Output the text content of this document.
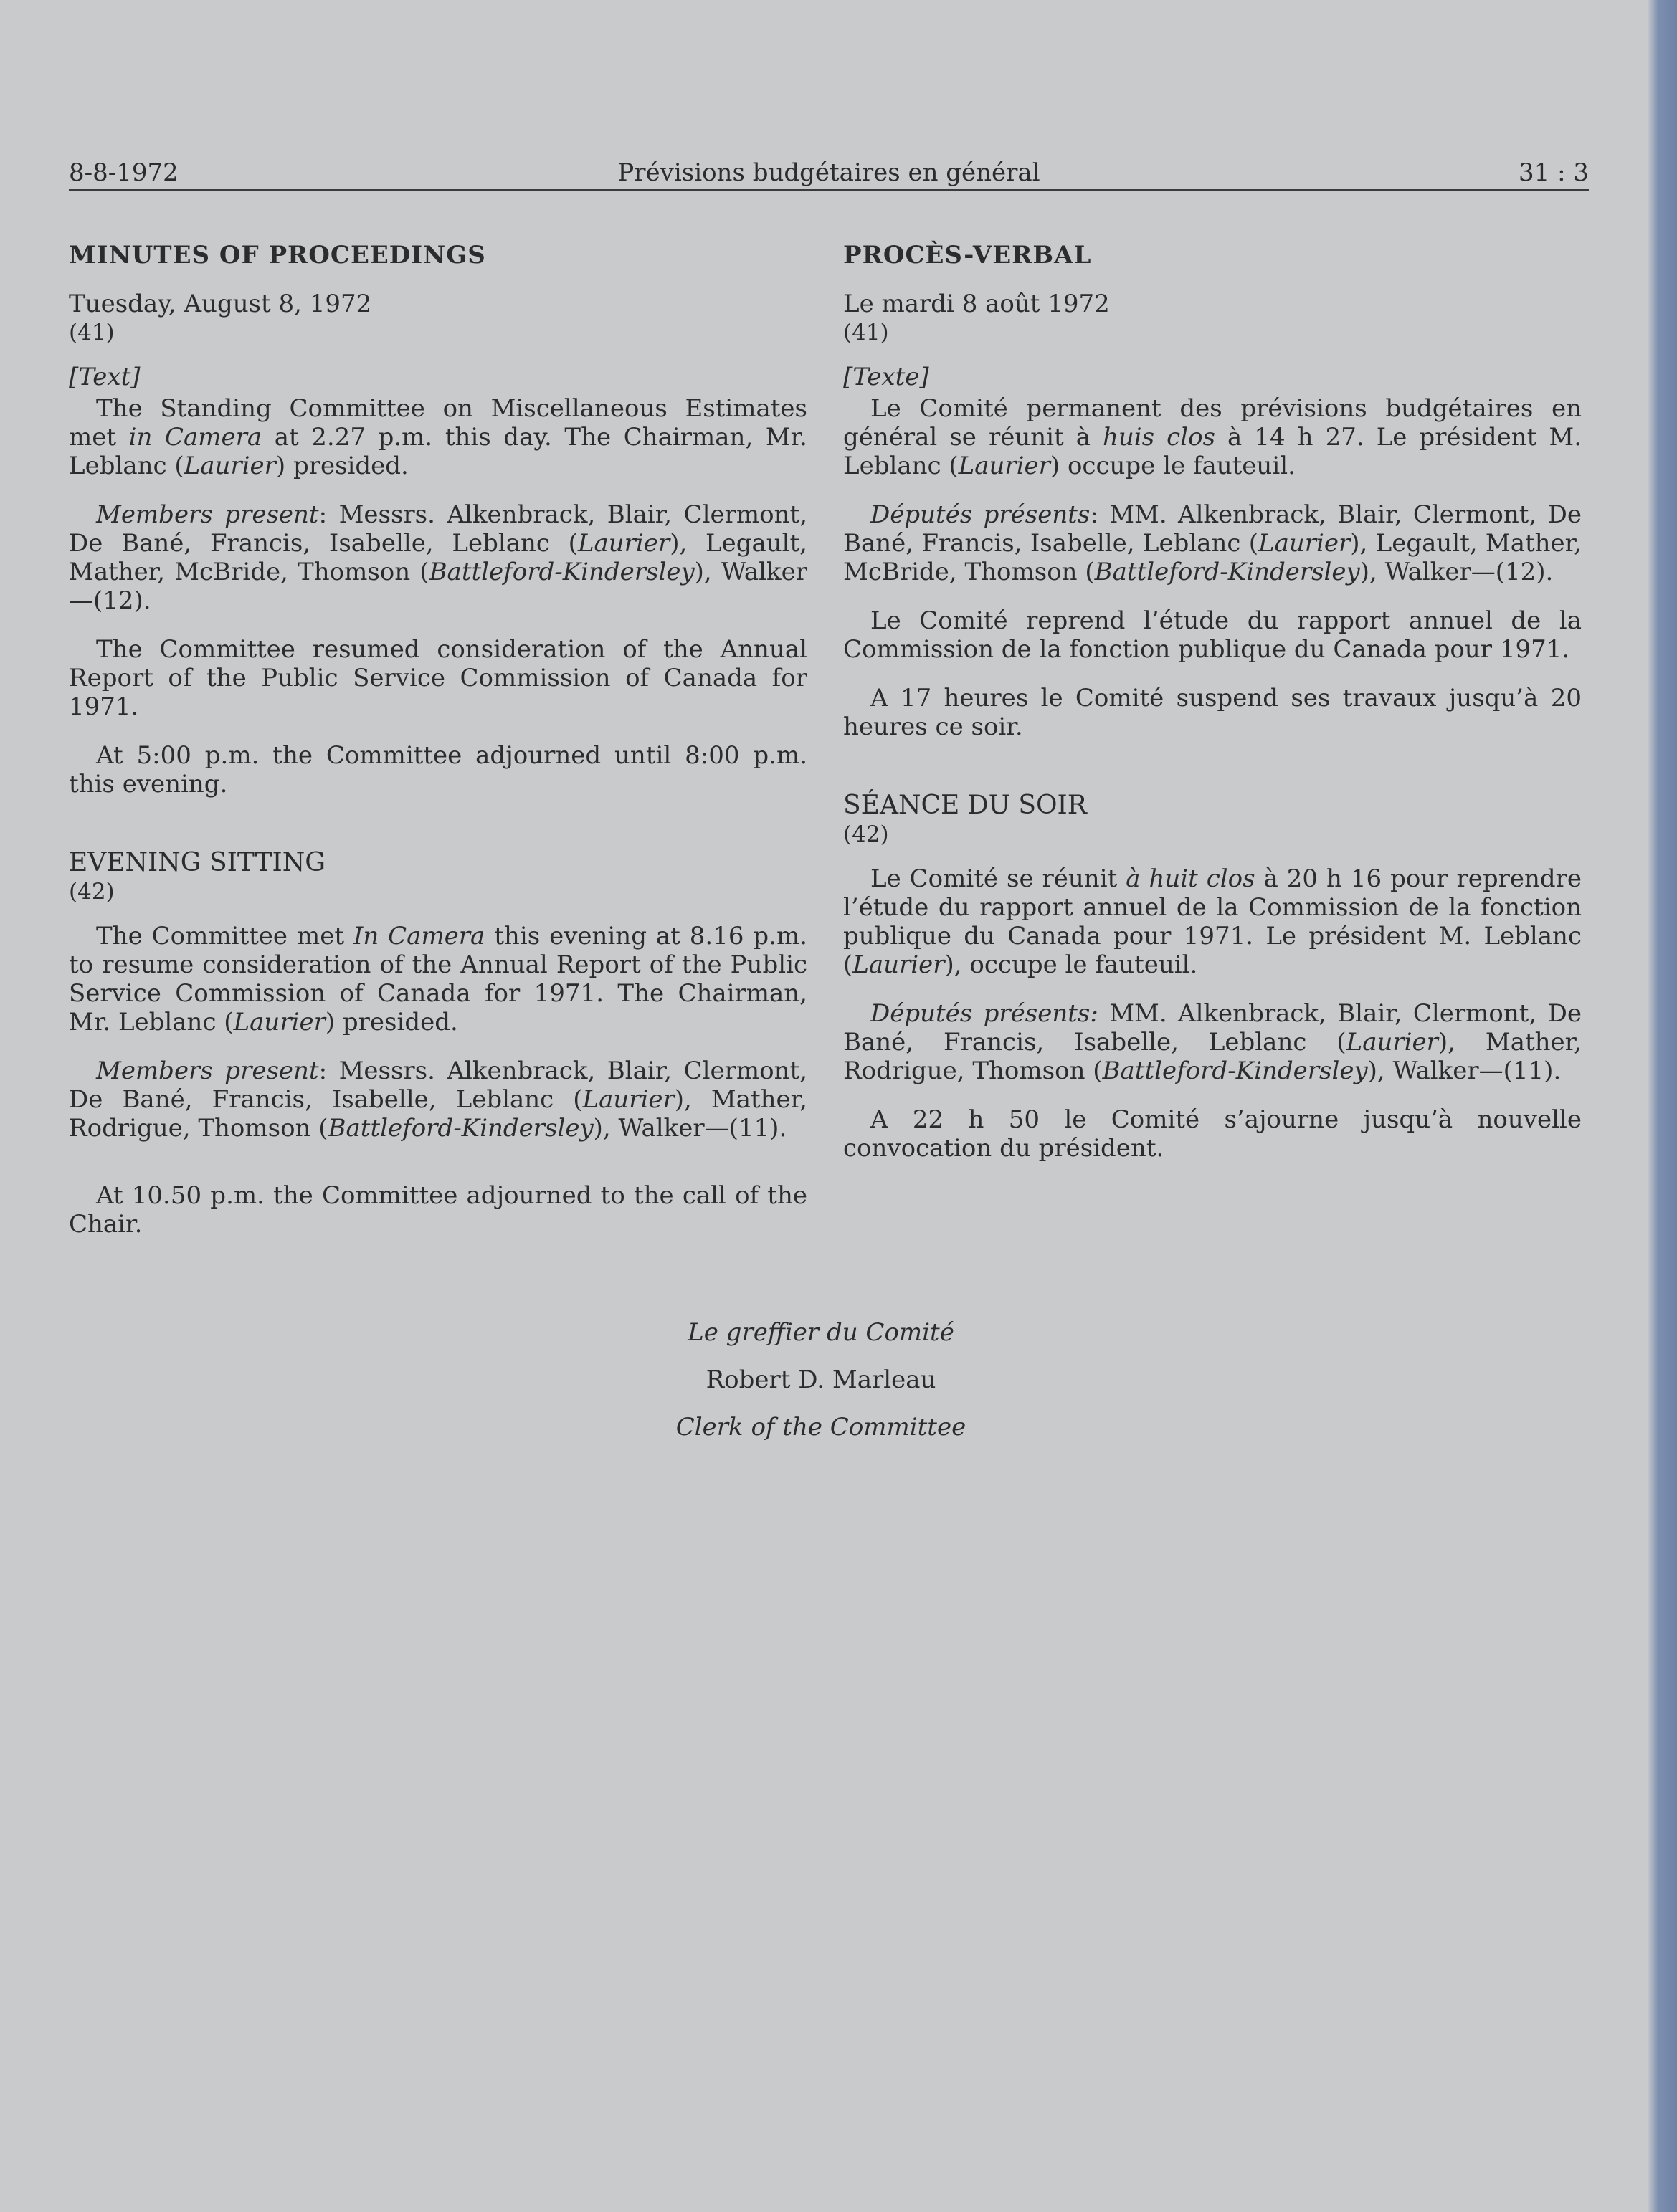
8-8-1972	Prévisions budgétaires en général	31 : 3
MINUTES OF PROCEEDINGS
Tuesday, August 8, 1972
(41)
[Text]

The Standing Committee on Miscellaneous Estimates met in Camera at 2.27 p.m. this day. The Chairman, Mr. Leblanc (Laurier) presided.

Members present: Messrs. Alkenbrack, Blair, Clermont, De Bané, Francis, Isabelle, Leblanc (Laurier), Legault, Mather, McBride, Thomson (Battleford-Kindersley), Walker—(12).

The Committee resumed consideration of the Annual Report of the Public Service Commission of Canada for 1971.

At 5:00 p.m. the Committee adjourned until 8:00 p.m. this evening.

EVENING SITTING
(42)

The Committee met In Camera this evening at 8.16 p.m. to resume consideration of the Annual Report of the Public Service Commission of Canada for 1971. The Chairman, Mr. Leblanc (Laurier) presided.

Members present: Messrs. Alkenbrack, Blair, Clermont, De Bané, Francis, Isabelle, Leblanc (Laurier), Mather, Rodrigue, Thomson (Battleford-Kindersley), Walker—(11).

At 10.50 p.m. the Committee adjourned to the call of the Chair.

PROCÈS-VERBAL
Le mardi 8 août 1972
(41)
[Texte]

Le Comité permanent des prévisions budgétaires en général se réunit à huis clos à 14 h 27. Le président M. Leblanc (Laurier) occupe le fauteuil.

Députés présents: MM. Alkenbrack, Blair, Clermont, De Bané, Francis, Isabelle, Leblanc (Laurier), Legault, Mather, McBride, Thomson (Battleford-Kindersley), Walker—(12).

Le Comité reprend l’étude du rapport annuel de la Commission de la fonction publique du Canada pour 1971.

A 17 heures le Comité suspend ses travaux jusqu’à 20 heures ce soir.

SÉANCE DU SOIR
(42)

Le Comité se réunit à huit clos à 20 h 16 pour reprendre l’étude du rapport annuel de la Commission de la fonction publique du Canada pour 1971. Le président M. Leblanc (Laurier), occupe le fauteuil.

Députés présents: MM. Alkenbrack, Blair, Clermont, De Bané, Francis, Isabelle, Leblanc (Laurier), Mather, Rodrigue, Thomson (Battleford-Kindersley), Walker—(11).

A 22 h 50 le Comité s’ajourne jusqu’à nouvelle convocation du président.

Le greffier du Comité
Robert D. Marleau
Clerk of the Committee
